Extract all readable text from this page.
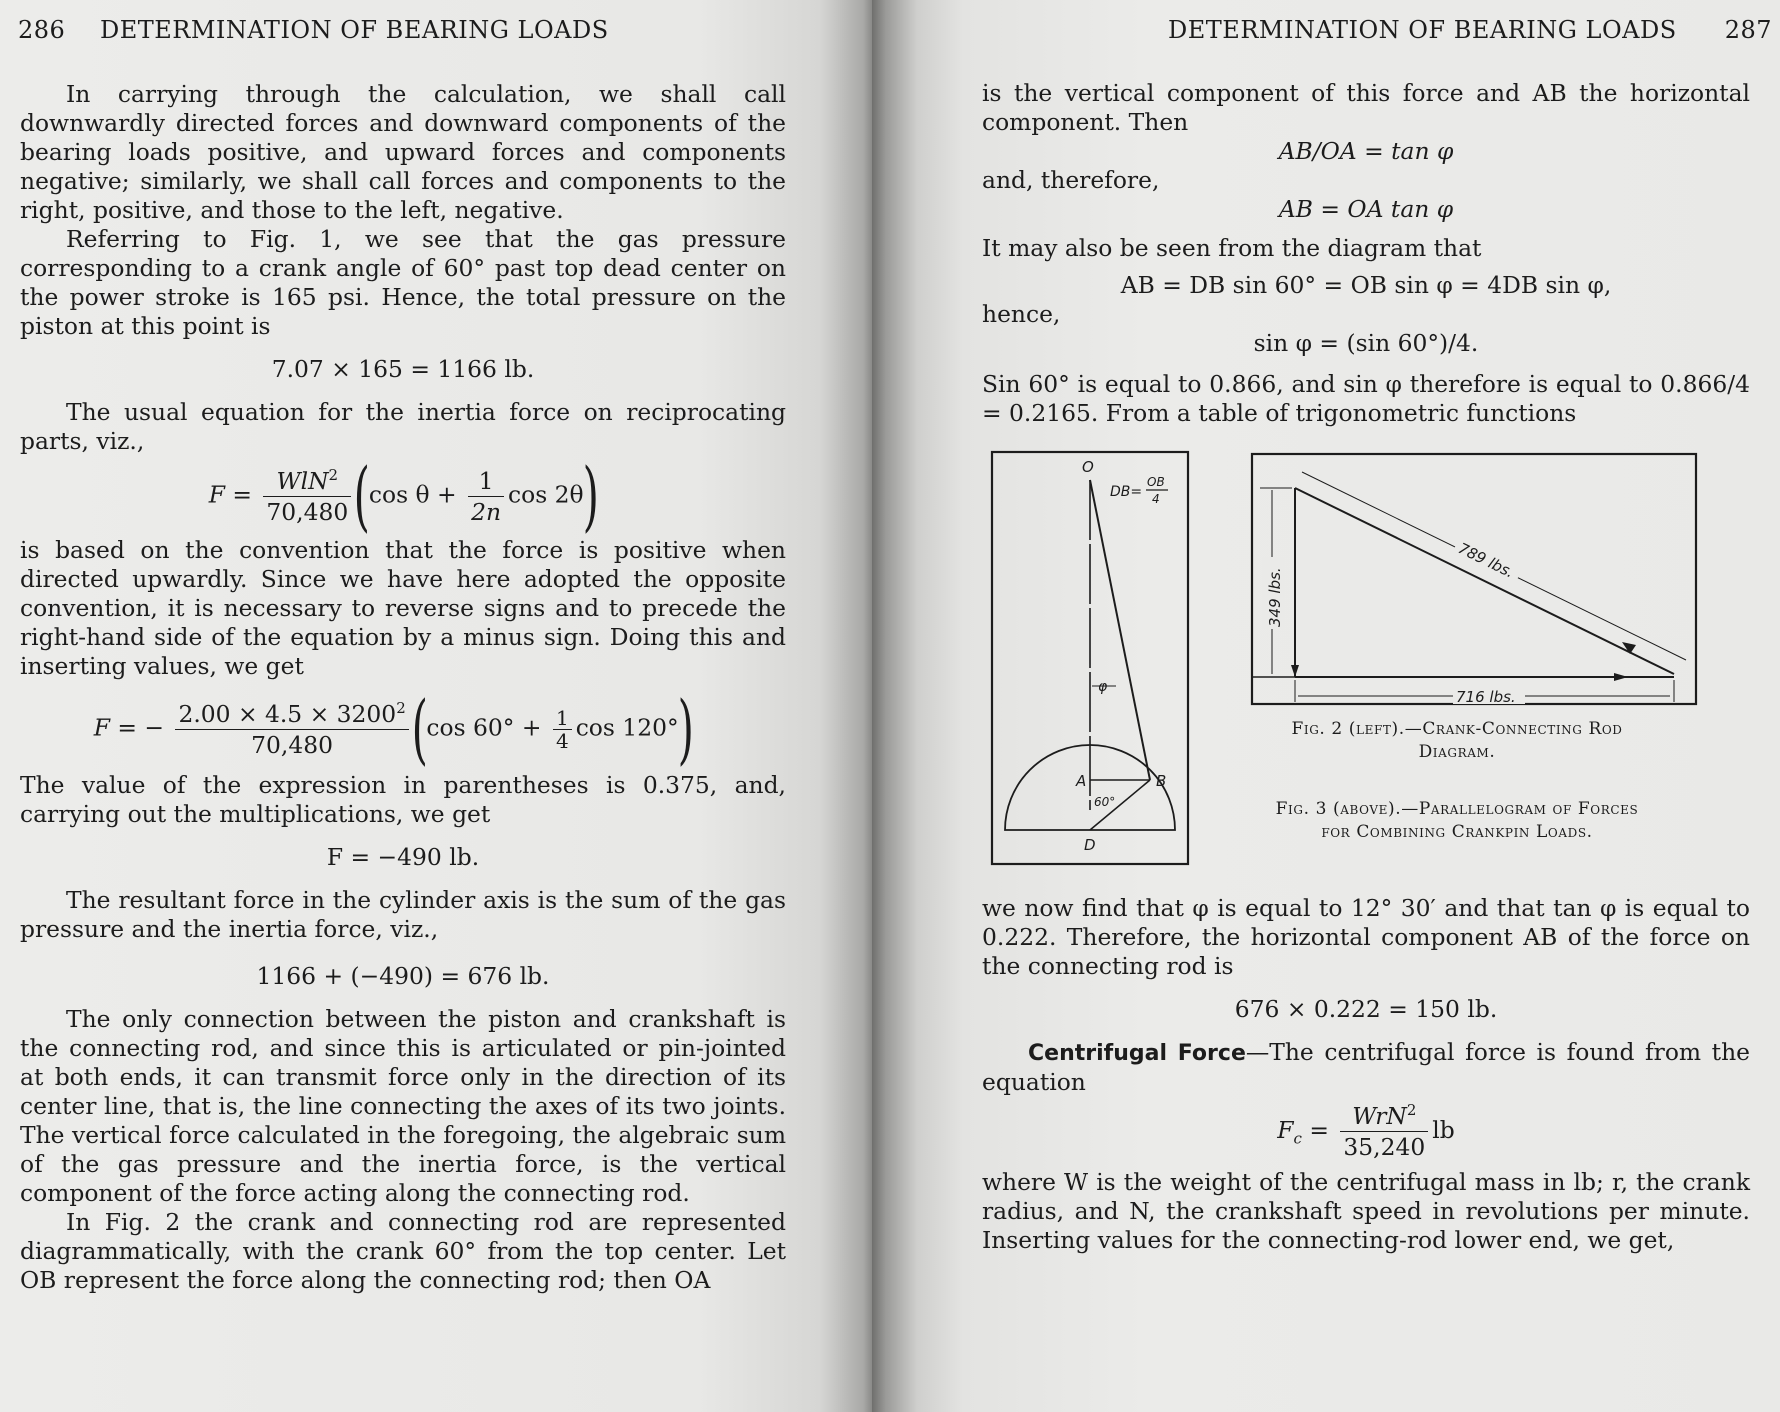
286 DETERMINATION OF BEARING LOADS

In carrying through the calculation, we shall call downwardly directed forces and downward components of the bearing loads positive, and upward forces and components negative; similarly, we shall call forces and components to the right, positive, and those to the left, negative.

Referring to Fig. 1, we see that the gas pressure corresponding to a crank angle of 60° past top dead center on the power stroke is 165 psi. Hence, the total pressure on the piston at this point is

7.07 × 165 = 1166 lb.

The usual equation for the inertia force on reciprocating parts, viz.,

$F = \frac{WlN^2}{70,480} (\cos$ $\theta + \frac{1}{2n}$ cos 2θ)

is based on the convention that the force is positive when directed upwardly. Since we have here adopted the opposite convention, it is necessary to reverse signs and to precede the right-hand side of the equation by a minus sign. Doing this and inserting values, we get

F = − $\frac{2.00 \times 4.5 \times 3200^2}{70,480} (\cos$ $60^\circ + \frac{1}{4}$ cos 120°)

The value of the expression in parentheses is 0.375, and, carrying out the multiplications, we get

F = −490 lb.

The resultant force in the cylinder axis is the sum of the gas pressure and the inertia force, viz.,

1166 + (−490) = 676 lb.

The only connection between the piston and crankshaft is the connecting rod, and since this is articulated or pin-jointed at both ends, it can transmit force only in the direction of its center line, that is, the line connecting the axes of its two joints. The vertical force calculated in the foregoing, the algebraic sum of the gas pressure and the inertia force, is the vertical component of the force acting along the connecting rod.

In Fig. 2 the crank and connecting rod are represented diagrammatically, with the crank 60° from the top center. Let OB represent the force along the connecting rod; then OA

DETERMINATION OF BEARING LOADS 287

is the vertical component of this force and AB the horizontal component. Then

AB/OA = tan φ

and, therefore,

AB = OA tan φ

It may also be seen from the diagram that

AB = DB sin 60° = OB sin φ = 4DB sin φ,

hence,

sin φ = (sin 60°)/4.

Sin 60° is equal to 0.866, and sin φ therefore is equal to 0.866/4 = 0.2165. From a table of trigonometric functions

O
DB=
OB
4
φ
A	B
60°
D
349 lbs.
716 lbs.
789 lbs.
Fig. 2 (left).—Crank-Connecting Rod
Diagram.
Fig. 3 (above).—Parallelogram of Forces
for Combining Crankpin Loads.

we now find that φ is equal to 12° 30′ and that tan φ is equal to 0.222. Therefore, the horizontal component AB of the force on the connecting rod is

676 × 0.222 = 150 lb.

Centrifugal Force—The centrifugal force is found from the equation

$F_c = \frac{WrN^2}{35,240}$ lb

where W is the weight of the centrifugal mass in lb; r, the crank radius, and N, the crankshaft speed in revolutions per minute. Inserting values for the connecting-rod lower end, we get,
